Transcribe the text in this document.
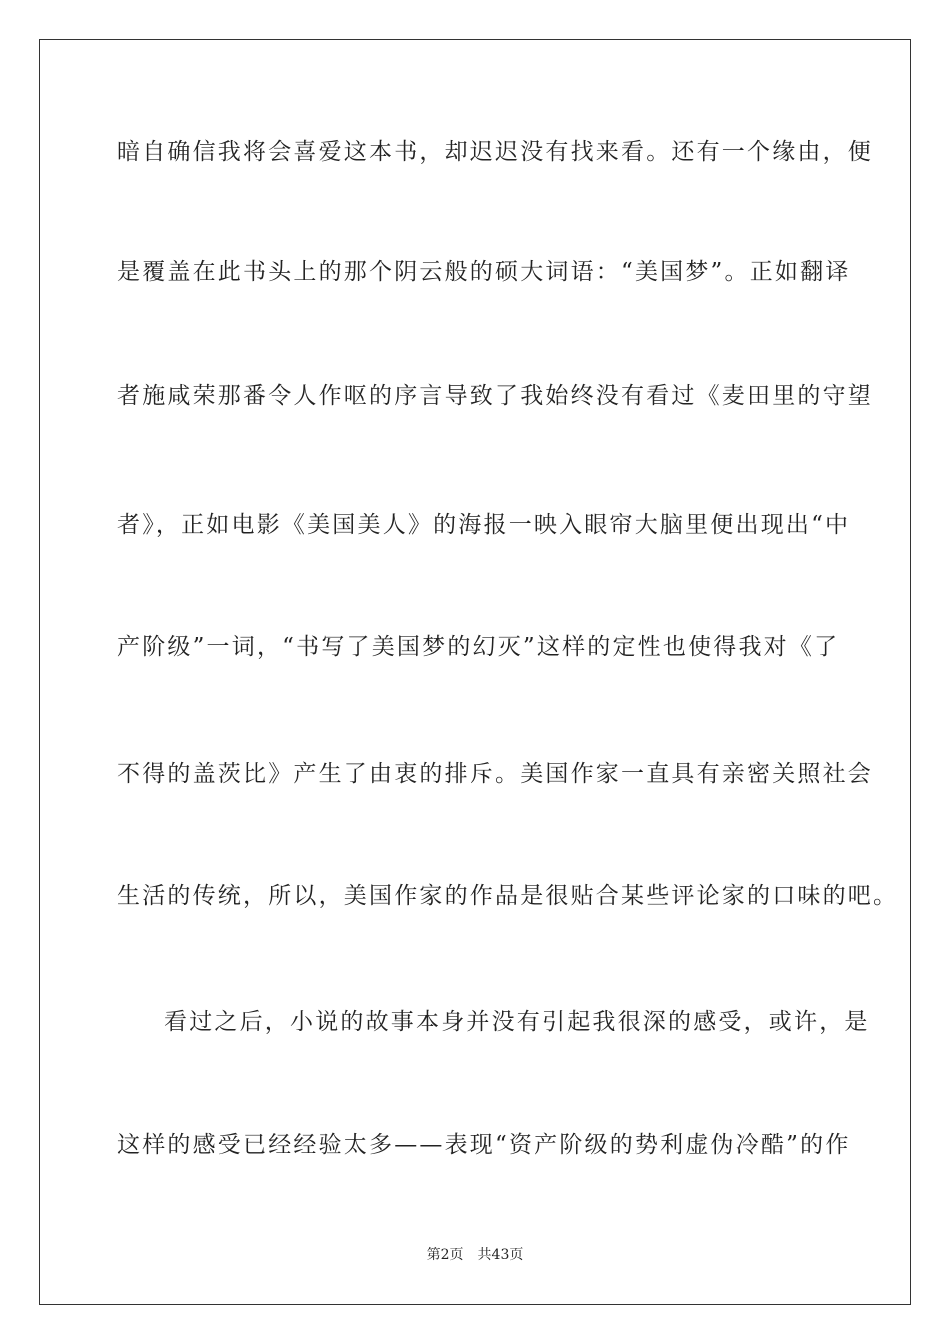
暗自确信我将会喜爱这本书，却迟迟没有找来看。还有一个缘由，便
是覆盖在此书头上的那个阴云般的硕大词语：“美国梦”。正如翻译
者施咸荣那番令人作呕的序言导致了我始终没有看过《麦田里的守望
者》，正如电影《美国美人》的海报一映入眼帘大脑里便出现出“中
产阶级”一词，“书写了美国梦的幻灭”这样的定性也使得我对《了
不得的盖茨比》产生了由衷的排斥。美国作家一直具有亲密关照社会
生活的传统，所以，美国作家的作品是很贴合某些评论家的口味的吧。
看过之后，小说的故事本身并没有引起我很深的感受，或许，是
这样的感受已经经验太多——表现“资产阶级的势利虚伪冷酷”的作
第2页 共43页
